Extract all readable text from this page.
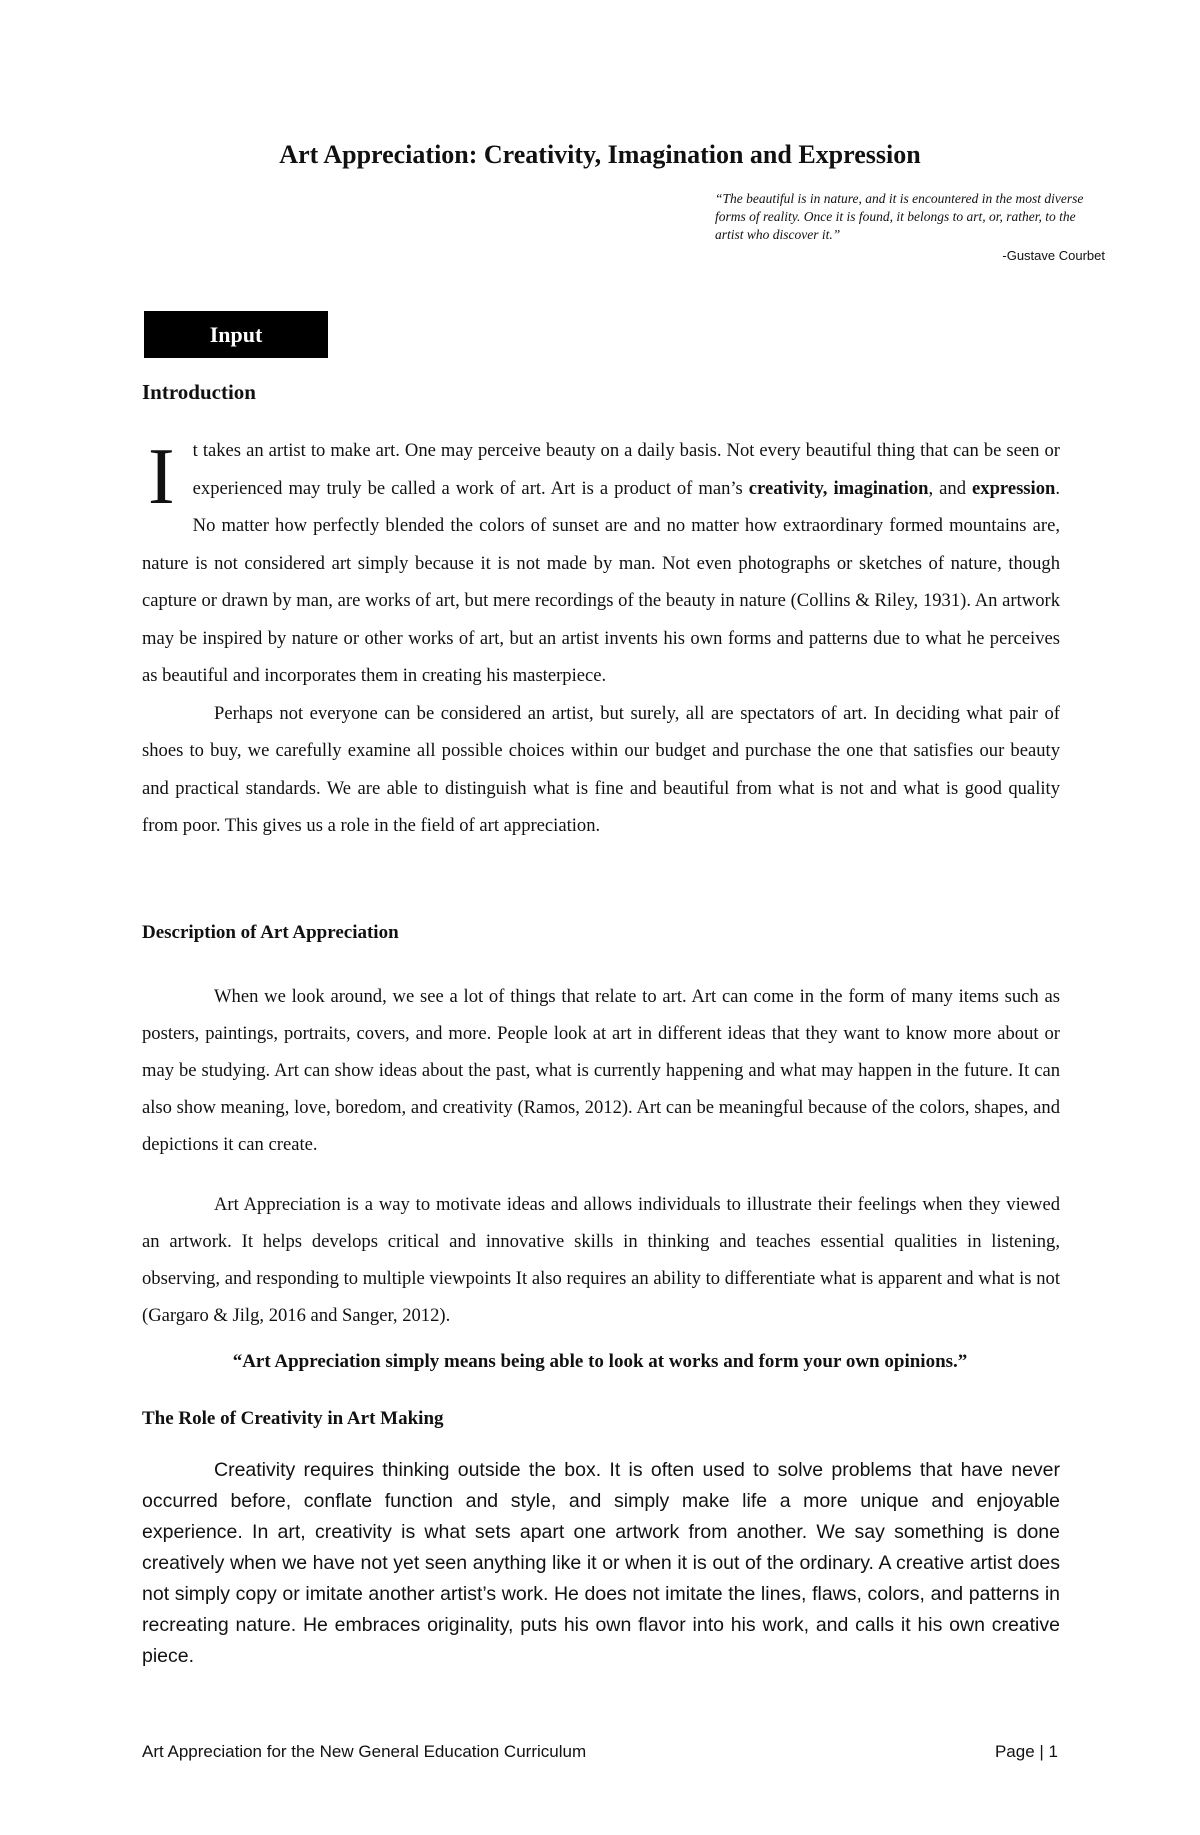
Art Appreciation: Creativity, Imagination and Expression
“The beautiful is in nature, and it is encountered in the most diverse forms of reality. Once it is found, it belongs to art, or, rather, to the artist who discover it.”
-Gustave Courbet
Input
Introduction

It takes an artist to make art. One may perceive beauty on a daily basis. Not every beautiful thing that can be seen or experienced may truly be called a work of art. Art is a product of man’s creativity, imagination, and expression. No matter how perfectly blended the colors of sunset are and no matter how extraordinary formed mountains are, nature is not considered art simply because it is not made by man. Not even photographs or sketches of nature, though capture or drawn by man, are works of art, but mere recordings of the beauty in nature (Collins & Riley, 1931). An artwork may be inspired by nature or other works of art, but an artist invents his own forms and patterns due to what he perceives as beautiful and incorporates them in creating his masterpiece.

Perhaps not everyone can be considered an artist, but surely, all are spectators of art. In deciding what pair of shoes to buy, we carefully examine all possible choices within our budget and purchase the one that satisfies our beauty and practical standards. We are able to distinguish what is fine and beautiful from what is not and what is good quality from poor. This gives us a role in the field of art appreciation.

Description of Art Appreciation

When we look around, we see a lot of things that relate to art. Art can come in the form of many items such as posters, paintings, portraits, covers, and more. People look at art in different ideas that they want to know more about or may be studying. Art can show ideas about the past, what is currently happening and what may happen in the future. It can also show meaning, love, boredom, and creativity (Ramos, 2012). Art can be meaningful because of the colors, shapes, and depictions it can create.

Art Appreciation is a way to motivate ideas and allows individuals to illustrate their feelings when they viewed an artwork. It helps develops critical and innovative skills in thinking and teaches essential qualities in listening, observing, and responding to multiple viewpoints It also requires an ability to differentiate what is apparent and what is not (Gargaro & Jilg, 2016 and Sanger, 2012).

“Art Appreciation simply means being able to look at works and form your own opinions.”
The Role of Creativity in Art Making

Creativity requires thinking outside the box. It is often used to solve problems that have never occurred before, conflate function and style, and simply make life a more unique and enjoyable experience. In art, creativity is what sets apart one artwork from another. We say something is done creatively when we have not yet seen anything like it or when it is out of the ordinary. A creative artist does not simply copy or imitate another artist’s work. He does not imitate the lines, flaws, colors, and patterns in recreating nature. He embraces originality, puts his own flavor into his work, and calls it his own creative piece.

Art Appreciation for the New General Education Curriculum	Page | 1
